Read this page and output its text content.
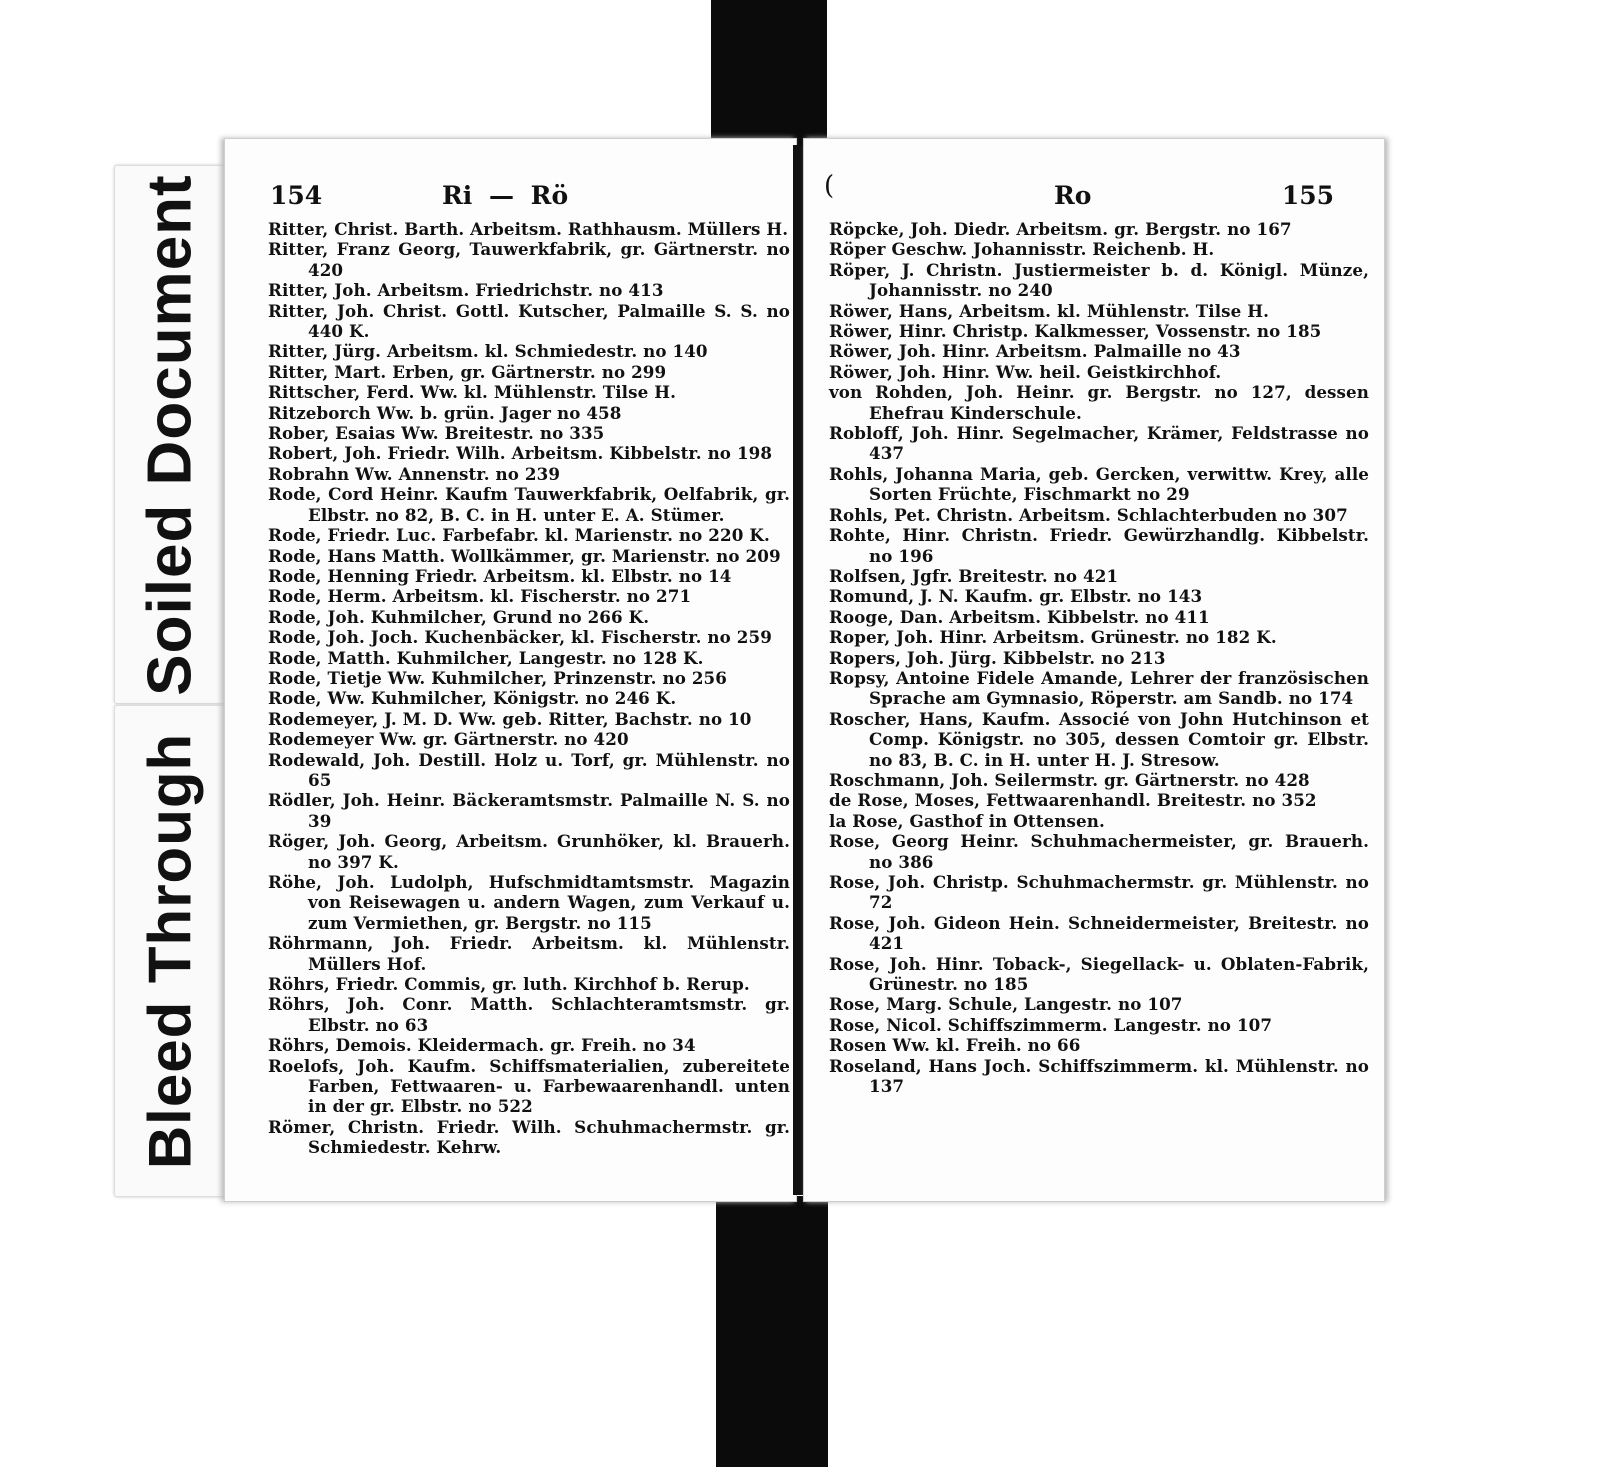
Soiled Document
Bleed Through
154	Ri — Rö

Ritter, Christ. Barth. Arbeitsm. Rathhausm. Müllers H.

Ritter, Franz Georg, Tauwerkfabrik, gr. Gärtnerstr. no 420

Ritter, Joh. Arbeitsm. Friedrichstr. no 413

Ritter, Joh. Christ. Gottl. Kutscher, Palmaille S. S. no 440 K.

Ritter, Jürg. Arbeitsm. kl. Schmiedestr. no 140

Ritter, Mart. Erben, gr. Gärtnerstr. no 299

Rittscher, Ferd. Ww. kl. Mühlenstr. Tilse H.

Ritzeborch Ww. b. grün. Jager no 458

Rober, Esaias Ww. Breitestr. no 335

Robert, Joh. Friedr. Wilh. Arbeitsm. Kibbelstr. no 198

Robrahn Ww. Annenstr. no 239

Rode, Cord Heinr. Kaufm Tauwerkfabrik, Oelfabrik, gr. Elbstr. no 82, B. C. in H. unter E. A. Stümer.

Rode, Friedr. Luc. Farbefabr. kl. Marienstr. no 220 K.

Rode, Hans Matth. Wollkämmer, gr. Marienstr. no 209

Rode, Henning Friedr. Arbeitsm. kl. Elbstr. no 14

Rode, Herm. Arbeitsm. kl. Fischerstr. no 271

Rode, Joh. Kuhmilcher, Grund no 266 K.

Rode, Joh. Joch. Kuchenbäcker, kl. Fischerstr. no 259

Rode, Matth. Kuhmilcher, Langestr. no 128 K.

Rode, Tietje Ww. Kuhmilcher, Prinzenstr. no 256

Rode, Ww. Kuhmilcher, Königstr. no 246 K.

Rodemeyer, J. M. D. Ww. geb. Ritter, Bachstr. no 10

Rodemeyer Ww. gr. Gärtnerstr. no 420

Rodewald, Joh. Destill. Holz u. Torf, gr. Mühlenstr. no 65

Rödler, Joh. Heinr. Bäckeramtsmstr. Palmaille N. S. no 39

Röger, Joh. Georg, Arbeitsm. Grunhöker, kl. Brauerh. no 397 K.

Röhe, Joh. Ludolph, Hufschmidtamtsmstr. Magazin von Reisewagen u. andern Wagen, zum Verkauf u. zum Vermiethen, gr. Bergstr. no 115

Röhrmann, Joh. Friedr. Arbeitsm. kl. Mühlenstr. Müllers Hof.

Röhrs, Friedr. Commis, gr. luth. Kirchhof b. Rerup.

Röhrs, Joh. Conr. Matth. Schlachteramtsmstr. gr. Elbstr. no 63

Röhrs, Demois. Kleidermach. gr. Freih. no 34

Roelofs, Joh. Kaufm. Schiffsmaterialien, zubereitete Farben, Fettwaaren- u. Farbewaarenhandl. unten in der gr. Elbstr. no 522

Römer, Christn. Friedr. Wilh. Schuhmachermstr. gr. Schmiedestr. Kehrw.

(	Ro	155

Röpcke, Joh. Diedr. Arbeitsm. gr. Bergstr. no 167

Röper Geschw. Johannisstr. Reichenb. H.

Röper, J. Christn. Justiermeister b. d. Königl. Münze, Johannisstr. no 240

Röwer, Hans, Arbeitsm. kl. Mühlenstr. Tilse H.

Röwer, Hinr. Christp. Kalkmesser, Vossenstr. no 185

Röwer, Joh. Hinr. Arbeitsm. Palmaille no 43

Röwer, Joh. Hinr. Ww. heil. Geistkirchhof.

von Rohden, Joh. Heinr. gr. Bergstr. no 127, dessen Ehefrau Kinderschule.

Robloff, Joh. Hinr. Segelmacher, Krämer, Feldstrasse no 437

Rohls, Johanna Maria, geb. Gercken, verwittw. Krey, alle Sorten Früchte, Fischmarkt no 29

Rohls, Pet. Christn. Arbeitsm. Schlachterbuden no 307

Rohte, Hinr. Christn. Friedr. Gewürzhandlg. Kibbelstr. no 196

Rolfsen, Jgfr. Breitestr. no 421

Romund, J. N. Kaufm. gr. Elbstr. no 143

Rooge, Dan. Arbeitsm. Kibbelstr. no 411

Roper, Joh. Hinr. Arbeitsm. Grünestr. no 182 K.

Ropers, Joh. Jürg. Kibbelstr. no 213

Ropsy, Antoine Fidele Amande, Lehrer der französischen Sprache am Gymnasio, Röperstr. am Sandb. no 174

Roscher, Hans, Kaufm. Associé von John Hutchinson et Comp. Königstr. no 305, dessen Comtoir gr. Elbstr. no 83, B. C. in H. unter H. J. Stresow.

Roschmann, Joh. Seilermstr. gr. Gärtnerstr. no 428

de Rose, Moses, Fettwaarenhandl. Breitestr. no 352

la Rose, Gasthof in Ottensen.

Rose, Georg Heinr. Schuhmachermeister, gr. Brauerh. no 386

Rose, Joh. Christp. Schuhmachermstr. gr. Mühlenstr. no 72

Rose, Joh. Gideon Hein. Schneidermeister, Breitestr. no 421

Rose, Joh. Hinr. Toback-, Siegellack- u. Oblaten-Fabrik, Grünestr. no 185

Rose, Marg. Schule, Langestr. no 107

Rose, Nicol. Schiffszimmerm. Langestr. no 107

Rosen Ww. kl. Freih. no 66

Roseland, Hans Joch. Schiffszimmerm. kl. Mühlenstr. no 137
